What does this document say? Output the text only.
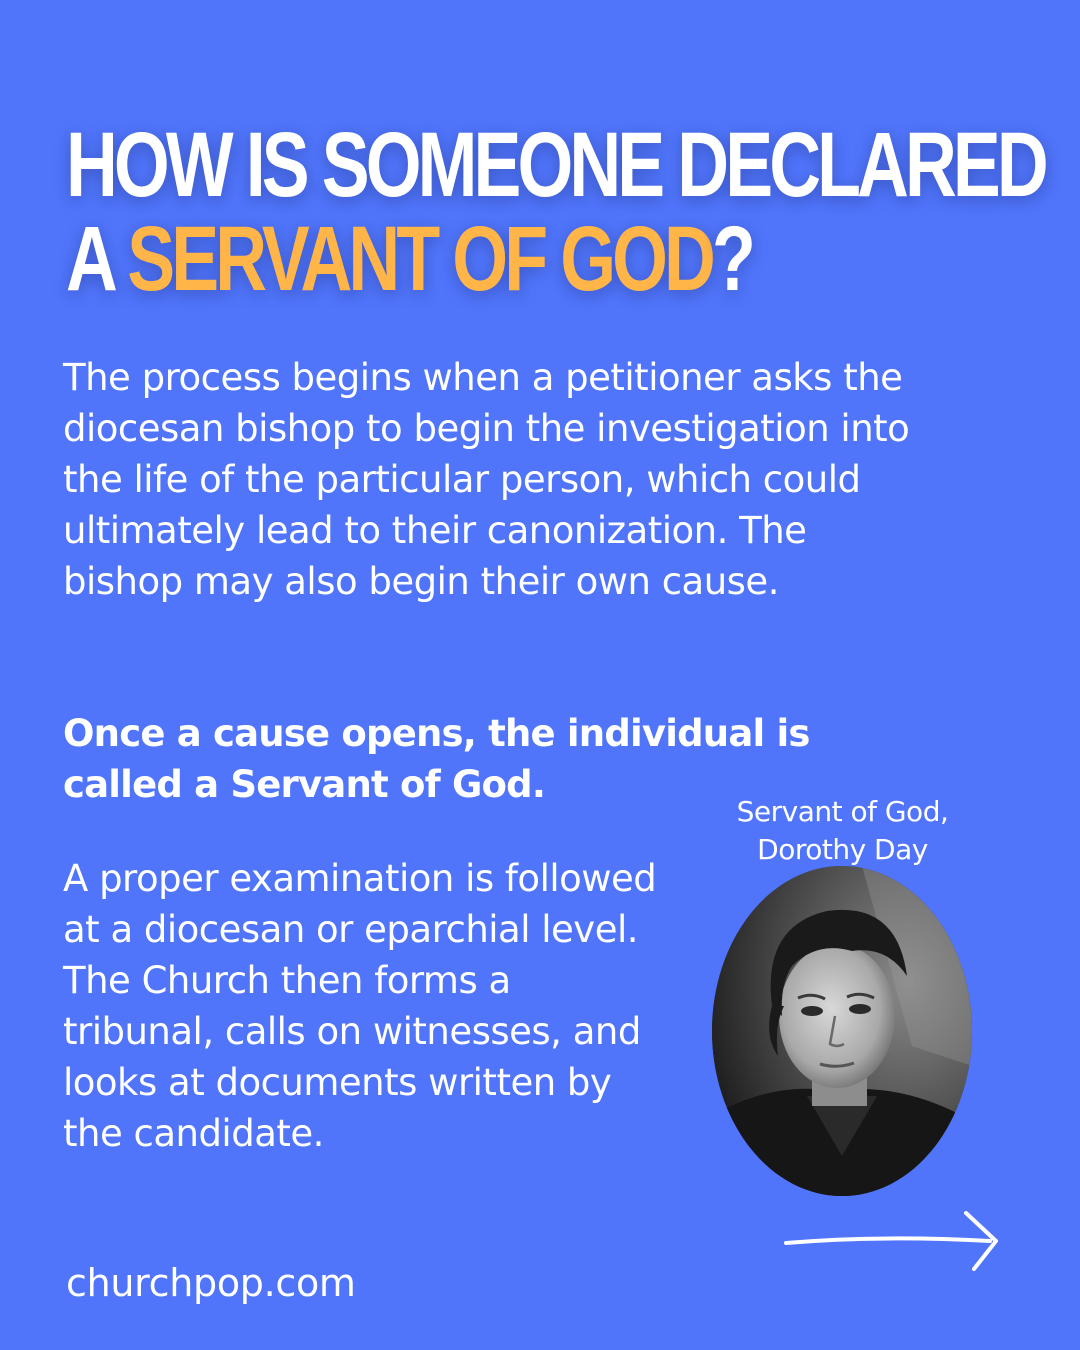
HOW IS SOMEONE DECLARED
A SERVANT OF GOD?

The process begins when a petitioner asks the diocesan bishop to begin the investigation into the life of the particular person, which could ultimately lead to their canonization. The bishop may also begin their own cause.

Once a cause opens, the individual is called a Servant of God.

A proper examination is followed at a diocesan or eparchial level. The Church then forms a tribunal, calls on witnesses, and looks at documents written by the candidate.

Servant of God,
Dorothy Day
churchpop.com
